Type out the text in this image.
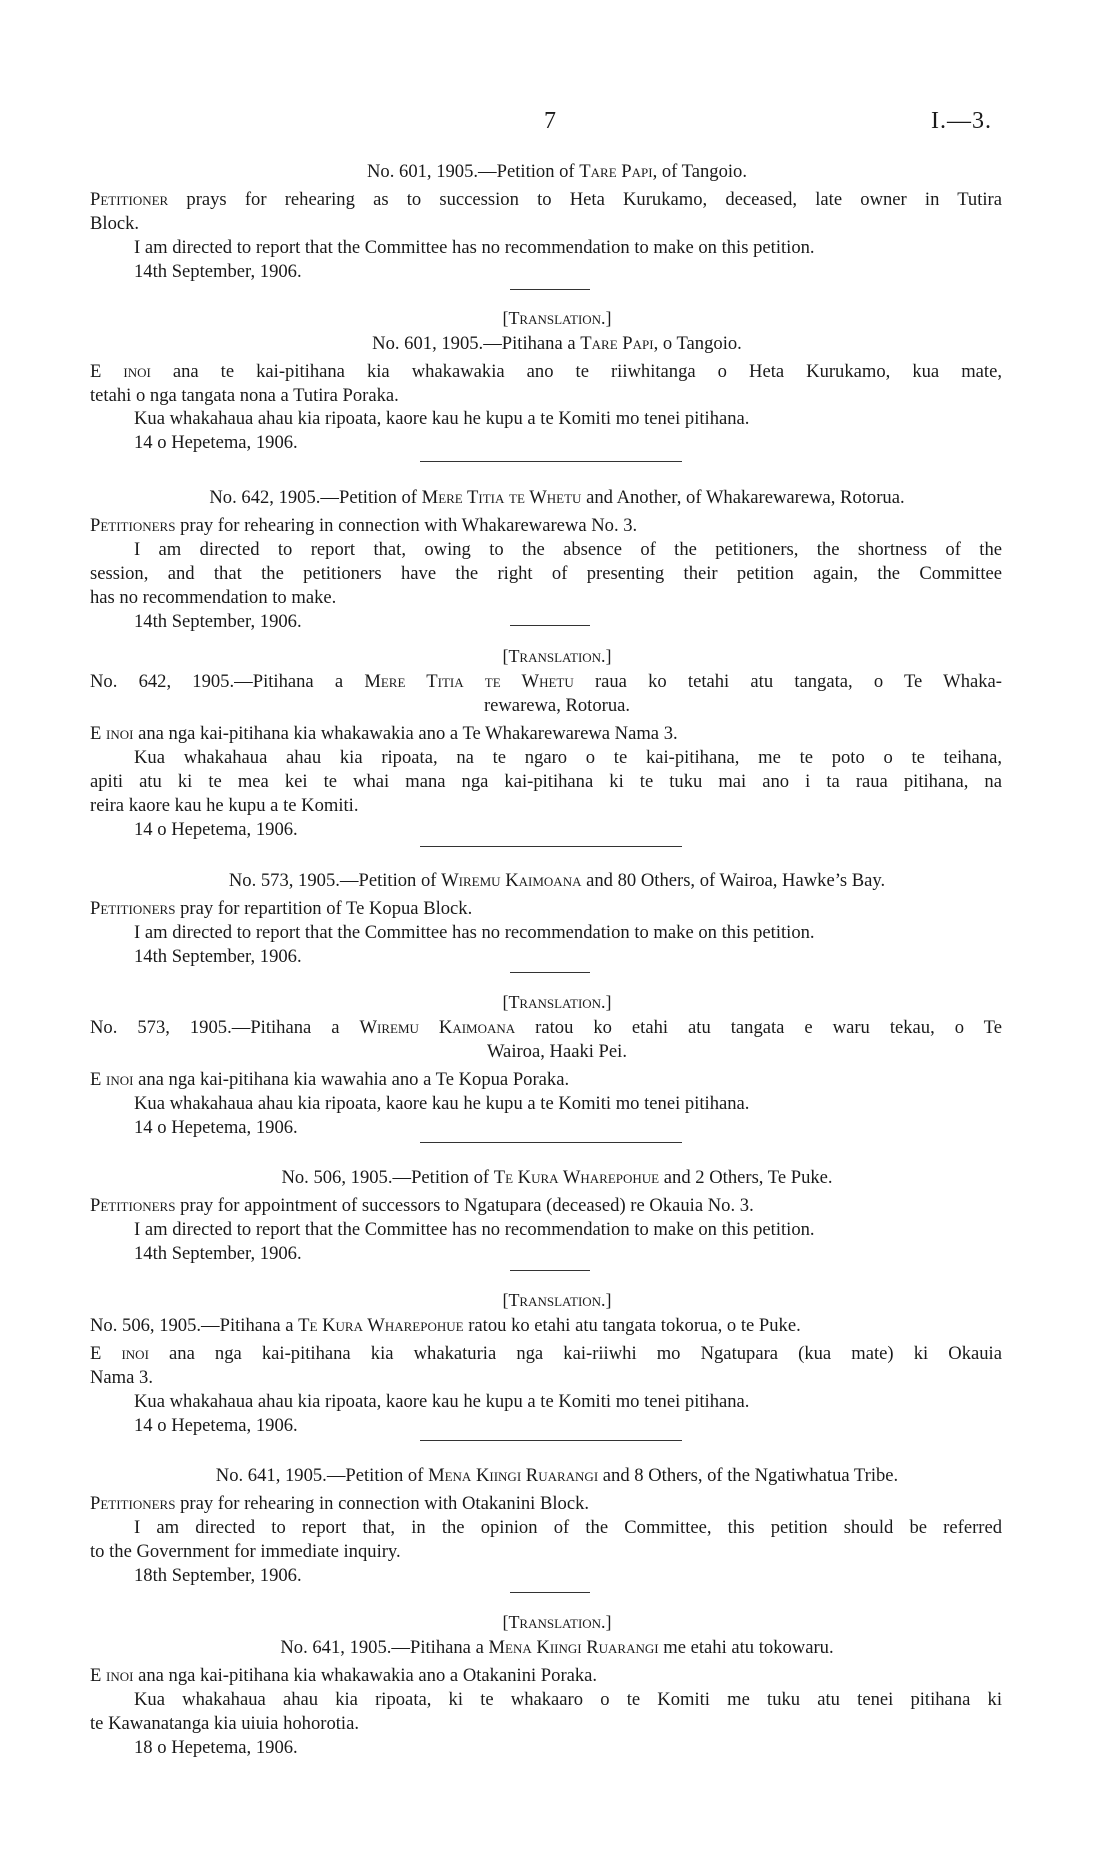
7	I.—3.
No. 601, 1905.—Petition of Tare Papi, of Tangoio.
Petitioner prays for rehearing as to succession to Heta Kurukamo, deceased, late owner in Tutira
Block.
I am directed to report that the Committee has no recommendation to make on this petition.
14th September, 1906.
[Translation.]
No. 601, 1905.—Pitihana a Tare Papi, o Tangoio.
E inoi ana te kai-pitihana kia whakawakia ano te riiwhitanga o Heta Kurukamo, kua mate,
tetahi o nga tangata nona a Tutira Poraka.
Kua whakahaua ahau kia ripoata, kaore kau he kupu a te Komiti mo tenei pitihana.
14 o Hepetema, 1906.
No. 642, 1905.—Petition of Mere Titia te Whetu and Another, of Whakarewarewa, Rotorua.
Petitioners pray for rehearing in connection with Whakarewarewa No. 3.
I am directed to report that, owing to the absence of the petitioners, the shortness of the
session, and that the petitioners have the right of presenting their petition again, the Committee
has no recommendation to make.
14th September, 1906.
[Translation.]
No. 642, 1905.—Pitihana a Mere Titia te Whetu raua ko tetahi atu tangata, o Te Whaka-
rewarewa, Rotorua.
E inoi ana nga kai-pitihana kia whakawakia ano a Te Whakarewarewa Nama 3.
Kua whakahaua ahau kia ripoata, na te ngaro o te kai-pitihana, me te poto o te teihana,
apiti atu ki te mea kei te whai mana nga kai-pitihana ki te tuku mai ano i ta raua pitihana, na
reira kaore kau he kupu a te Komiti.
14 o Hepetema, 1906.
No. 573, 1905.—Petition of Wiremu Kaimoana and 80 Others, of Wairoa, Hawke’s Bay.
Petitioners pray for repartition of Te Kopua Block.
I am directed to report that the Committee has no recommendation to make on this petition.
14th September, 1906.
[Translation.]
No. 573, 1905.—Pitihana a Wiremu Kaimoana ratou ko etahi atu tangata e waru tekau, o Te
Wairoa, Haaki Pei.
E inoi ana nga kai-pitihana kia wawahia ano a Te Kopua Poraka.
Kua whakahaua ahau kia ripoata, kaore kau he kupu a te Komiti mo tenei pitihana.
14 o Hepetema, 1906.
No. 506, 1905.—Petition of Te Kura Wharepohue and 2 Others, Te Puke.
Petitioners pray for appointment of successors to Ngatupara (deceased) re Okauia No. 3.
I am directed to report that the Committee has no recommendation to make on this petition.
14th September, 1906.
[Translation.]
No. 506, 1905.—Pitihana a Te Kura Wharepohue ratou ko etahi atu tangata tokorua, o te Puke.
E inoi ana nga kai-pitihana kia whakaturia nga kai-riiwhi mo Ngatupara (kua mate) ki Okauia
Nama 3.
Kua whakahaua ahau kia ripoata, kaore kau he kupu a te Komiti mo tenei pitihana.
14 o Hepetema, 1906.
No. 641, 1905.—Petition of Mena Kiingi Ruarangi and 8 Others, of the Ngatiwhatua Tribe.
Petitioners pray for rehearing in connection with Otakanini Block.
I am directed to report that, in the opinion of the Committee, this petition should be referred
to the Government for immediate inquiry.
18th September, 1906.
[Translation.]
No. 641, 1905.—Pitihana a Mena Kiingi Ruarangi me etahi atu tokowaru.
E inoi ana nga kai-pitihana kia whakawakia ano a Otakanini Poraka.
Kua whakahaua ahau kia ripoata, ki te whakaaro o te Komiti me tuku atu tenei pitihana ki
te Kawanatanga kia uiuia hohorotia.
18 o Hepetema, 1906.
